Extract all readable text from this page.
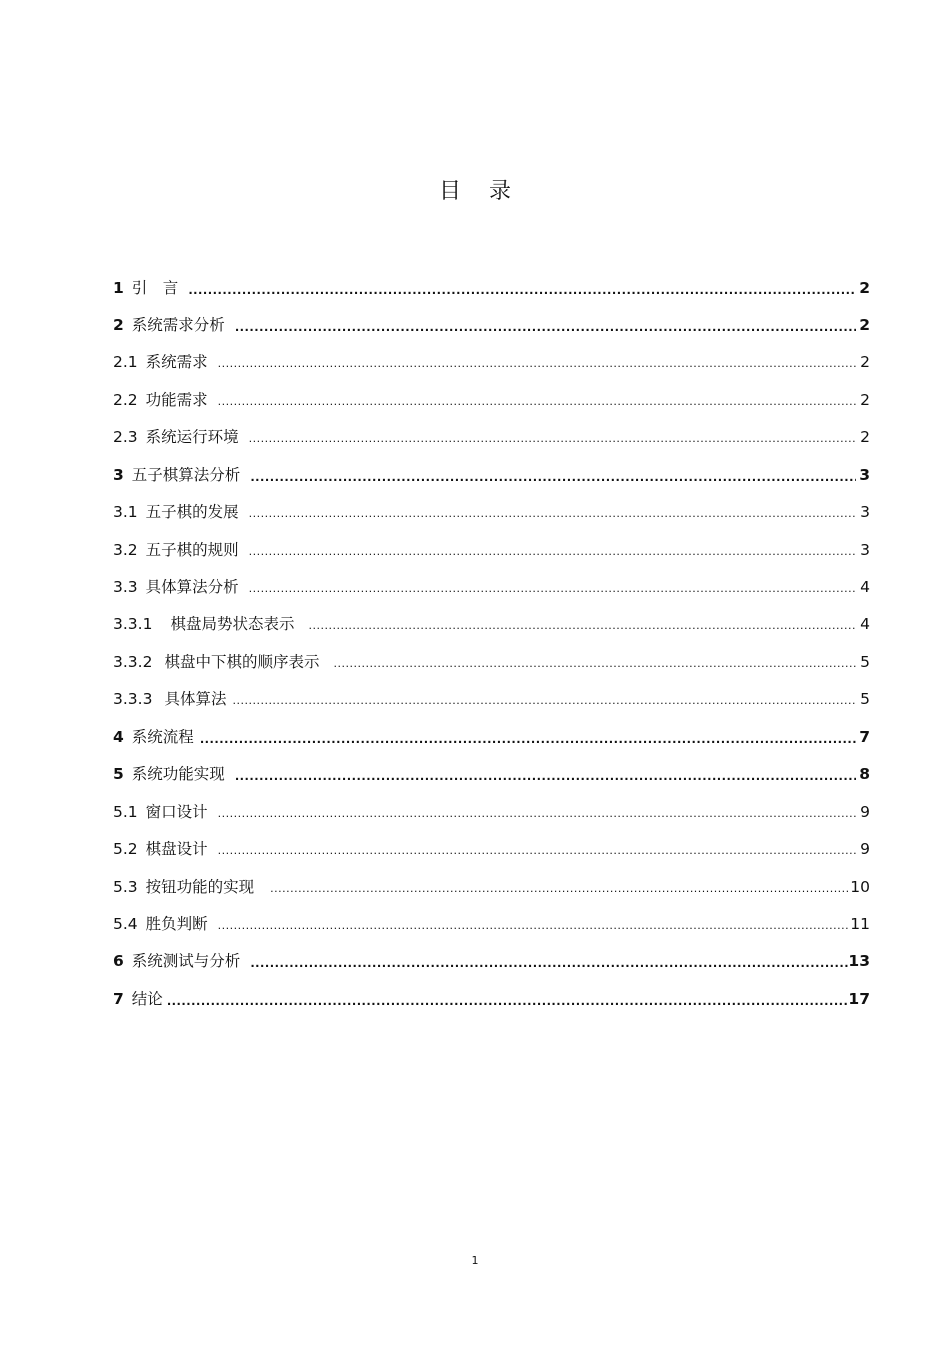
目 录
1 引　言 .....	2
2 系统需求分析 .....	2
2.1 系统需求 .....	2
2.2 功能需求 .....	2
2.3 系统运行环境 .....	2
3 五子棋算法分析 .....	3
3.1 五子棋的发展 .....	3
3.2 五子棋的规则 .....	3
3.3 具体算法分析 .....	4
3.3.1 棋盘局势状态表示 .....	4
3.3.2 棋盘中下棋的顺序表示 .....	5
3.3.3 具体算法 .....	5
4 系统流程 .....	7
5 系统功能实现 .....	8
5.1 窗口设计 .....	9
5.2 棋盘设计 .....	9
5.3 按钮功能的实现 .....	10
5.4 胜负判断 .....	11
6 系统测试与分析 .....	13
7 结论 .....	17
1
